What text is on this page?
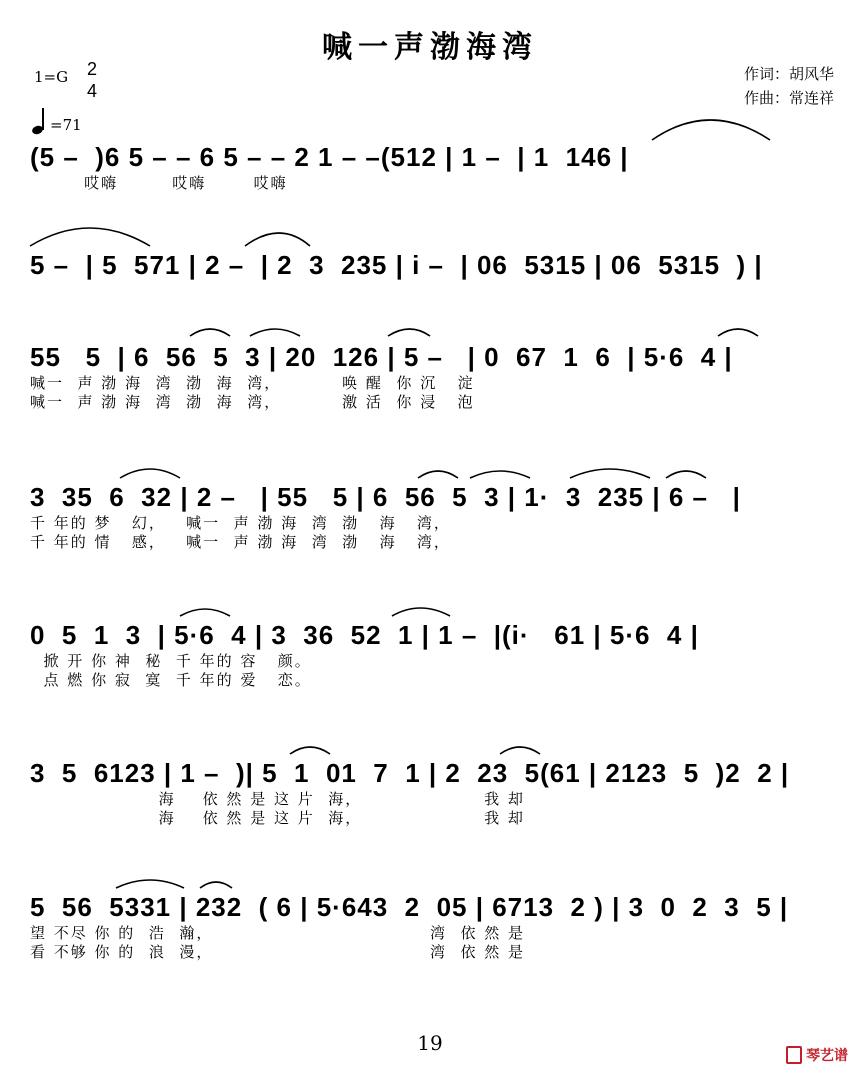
喊一声渤海湾
1=G 2
4
=71
作词：胡风华
作曲：常连祥
(5 –  )6 5 – – 6 5 – – 2 1 – –(512 | 1 –  | 1  146 |
哎嗨        哎嗨       哎嗨
5 –  | 5  571 | 2 –  | 2  3  235 | i –  | 06  5315 | 06  5315  ) |
55   5  | 6  56  5  3 | 20  126 | 5 –   | 0  67  1  6  | 5·6  4 |
喊一  声 渤 海  湾  渤  海  湾，         唤 醒  你 沉   淀
喊一  声 渤 海  湾  渤  海  湾，         激 活  你 浸   泡
3  35  6  32 | 2 –   | 55   5 | 6  56  5  3 | 1·  3  235 | 6 –   |
千 年的 梦   幻，   喊一  声 渤 海  湾  渤   海   湾，
千 年的 情   感，   喊一  声 渤 海  湾  渤   海   湾，
0  5  1  3  | 5·6  4 | 3  36  52  1 | 1 –  |(i·   61 | 5·6  4 |
掀 开 你 神  秘  千 年的 容   颜。
点 燃 你 寂  寞  千 年的 爱   恋。
3  5  6123 | 1 –  )| 5  1  01  7  1 | 2  23  5(61 | 2123  5  )2  2 |
海    依 然 是 这 片  海，                  我 却
海    依 然 是 这 片  海，                  我 却
5  56  5331 | 232  ( 6 | 5·643  2  05 | 6713  2 ) | 3  0  2  3  5 |
望 不尽 你 的  浩  瀚，                                湾  依 然 是
看 不够 你 的  浪  漫，                                湾  依 然 是
19
琴艺谱
